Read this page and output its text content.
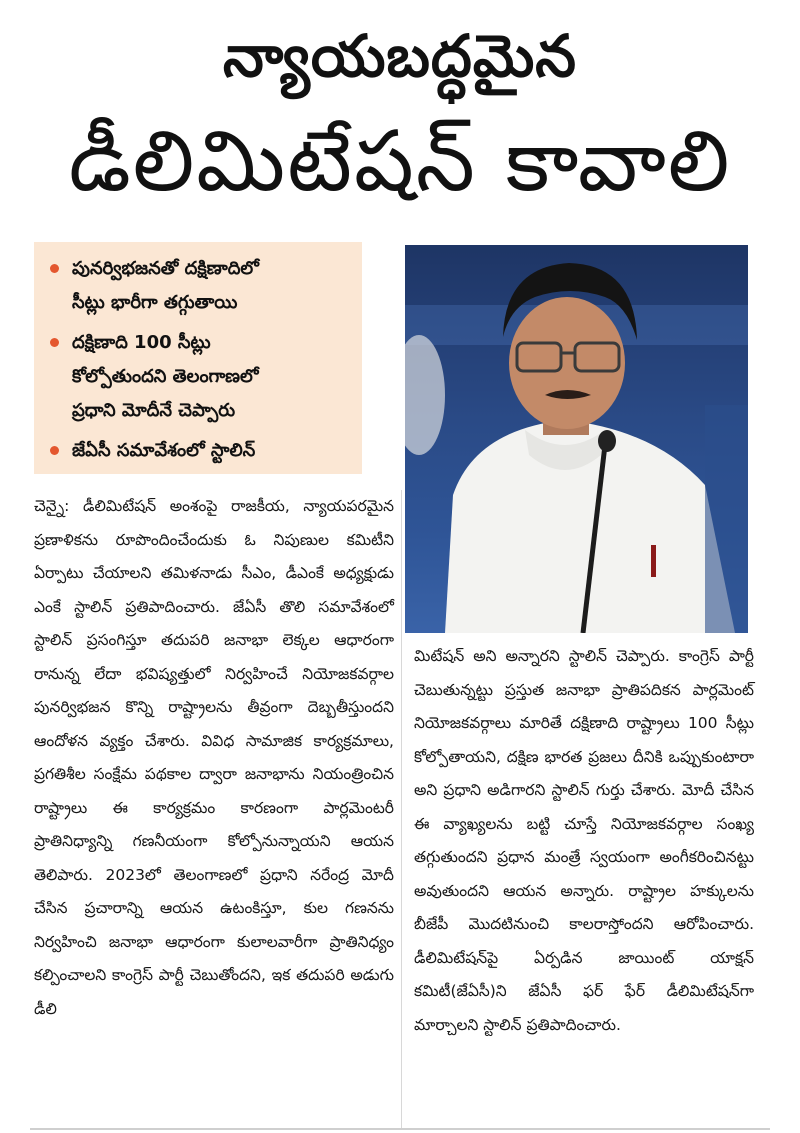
న్యాయబద్ధమైన
డీలిమిటేషన్ కావాలి
పునర్విభజనతో దక్షిణాదిలో
సీట్లు భారీగా తగ్గుతాయి
దక్షిణాది 100 సీట్లు
కోల్పోతుందని తెలంగాణలో
ప్రధాని మోదీనే చెప్పారు
జేఏసీ సమావేశంలో స్టాలిన్
చెన్నై: డీలిమిటేషన్ అంశంపై రాజకీయ, న్యాయపరమైన ప్రణాళికను రూపొందించేందుకు ఓ నిపుణుల కమిటీని ఏర్పాటు చేయాలని తమిళనాడు సీఎం, డీఎంకే అధ్యక్షుడు ఎంకే స్టాలిన్ ప్రతిపాదించారు. జేఏసీ తొలి సమావేశంలో స్టాలిన్ ప్రసంగిస్తూ తదుపరి జనాభా లెక్కల ఆధారంగా రానున్న లేదా భవిష్యత్తులో నిర్వహించే నియోజకవర్గాల పునర్విభజన కొన్ని రాష్ట్రాలను తీవ్రంగా దెబ్బతీస్తుందని ఆందోళన వ్యక్తం చేశారు. వివిధ సామాజిక కార్యక్రమాలు, ప్రగతిశీల సంక్షేమ పథకాల ద్వారా జనాభాను నియంత్రించిన రాష్ట్రాలు ఈ కార్యక్రమం కారణంగా పార్లమెంటరీ ప్రాతినిధ్యాన్ని గణనీయంగా కోల్పోనున్నాయని ఆయన తెలిపారు. 2023లో తెలంగాణలో ప్రధాని నరేంద్ర మోదీ చేసిన ప్రచారాన్ని ఆయన ఉటంకిస్తూ, కుల గణనను నిర్వహించి జనాభా ఆధారంగా కులాలవారీగా ప్రాతినిధ్యం కల్పించాలని కాంగ్రెస్ పార్టీ చెబుతోందని, ఇక తదుపరి అడుగు డీలి
మిటేషన్ అని అన్నారని స్టాలిన్ చెప్పారు. కాంగ్రెస్ పార్టీ చెబుతున్నట్టు ప్రస్తుత జనాభా ప్రాతిపదికన పార్లమెంట్ నియోజకవర్గాలు మారితే దక్షిణాది రాష్ట్రాలు 100 సీట్లు కోల్పోతాయని, దక్షిణ భారత ప్రజలు దీనికి ఒప్పుకుంటారా అని ప్రధాని అడిగారని స్టాలిన్ గుర్తు చేశారు. మోదీ చేసిన ఈ వ్యాఖ్యలను బట్టి చూస్తే నియోజకవర్గాల సంఖ్య తగ్గుతుందని ప్రధాన మంత్రే స్వయంగా అంగీకరించినట్టు అవుతుందని ఆయన అన్నారు. రాష్ట్రాల హక్కులను బీజేపీ మొదటినుంచి కాలరాస్తోందని ఆరోపించారు. డీలిమిటేషన్‌పై ఏర్పడిన జాయింట్ యాక్షన్ కమిటీ(జేఏసీ)ని జేఏసీ ఫర్ ఫేర్ డీలిమిటేషన్‌గా మార్చాలని స్టాలిన్ ప్రతిపాదించారు.
